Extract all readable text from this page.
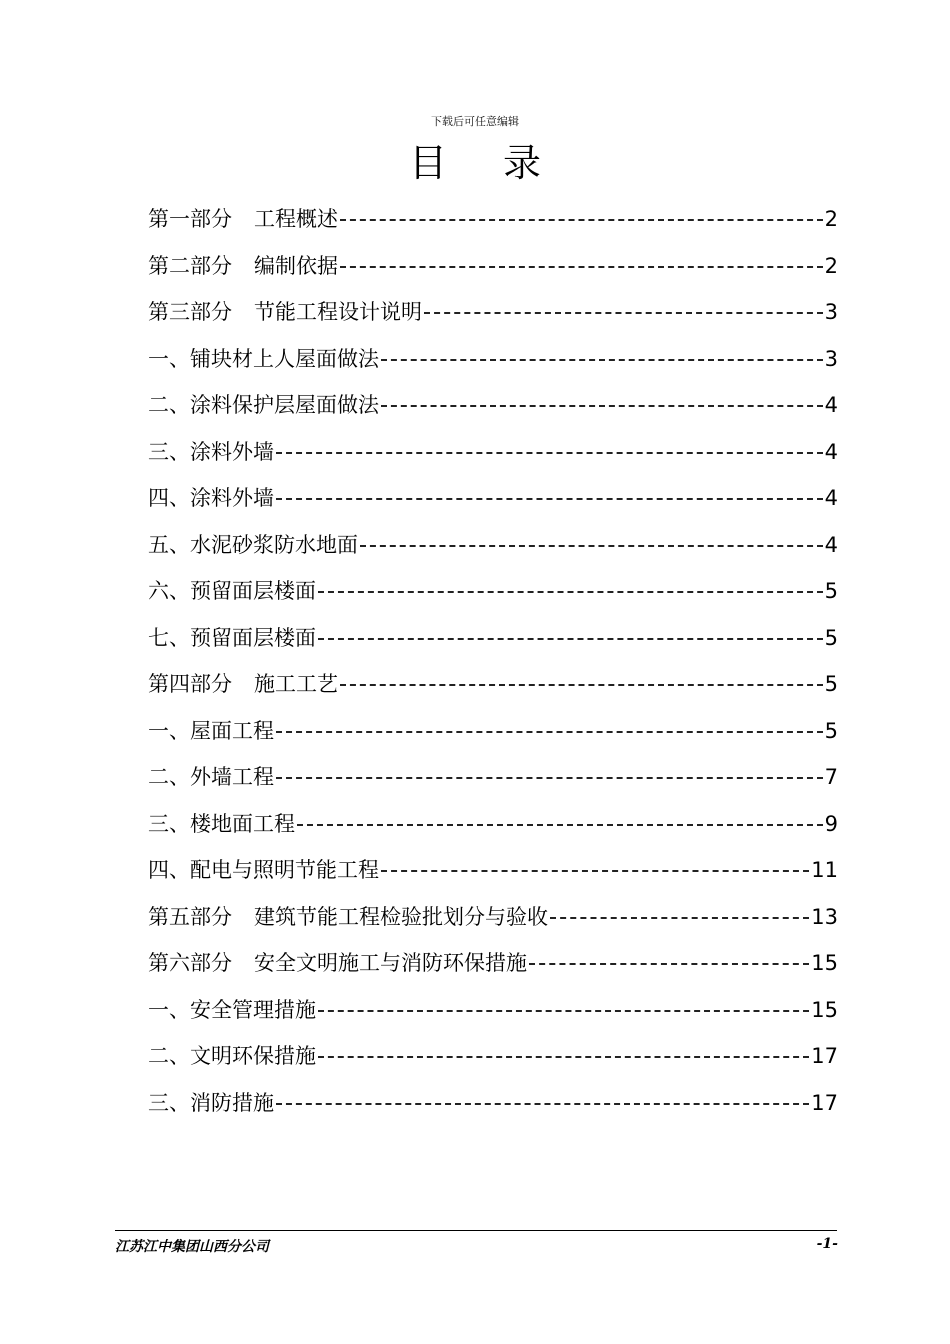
下载后可任意编辑
目 录
第一部分 工程概述	2
第二部分 编制依据	2
第三部分 节能工程设计说明	3
一、铺块材上人屋面做法	3
二、涂料保护层屋面做法	4
三、涂料外墙	4
四、涂料外墙	4
五、水泥砂浆防水地面	4
六、预留面层楼面	5
七、预留面层楼面	5
第四部分 施工工艺	5
一、屋面工程	5
二、外墙工程	7
三、楼地面工程	9
四、配电与照明节能工程	11
第五部分 建筑节能工程检验批划分与验收	13
第六部分 安全文明施工与消防环保措施	15
一、安全管理措施	15
二、文明环保措施	17
三、消防措施	17
江苏江中集团山西分公司	-1-
